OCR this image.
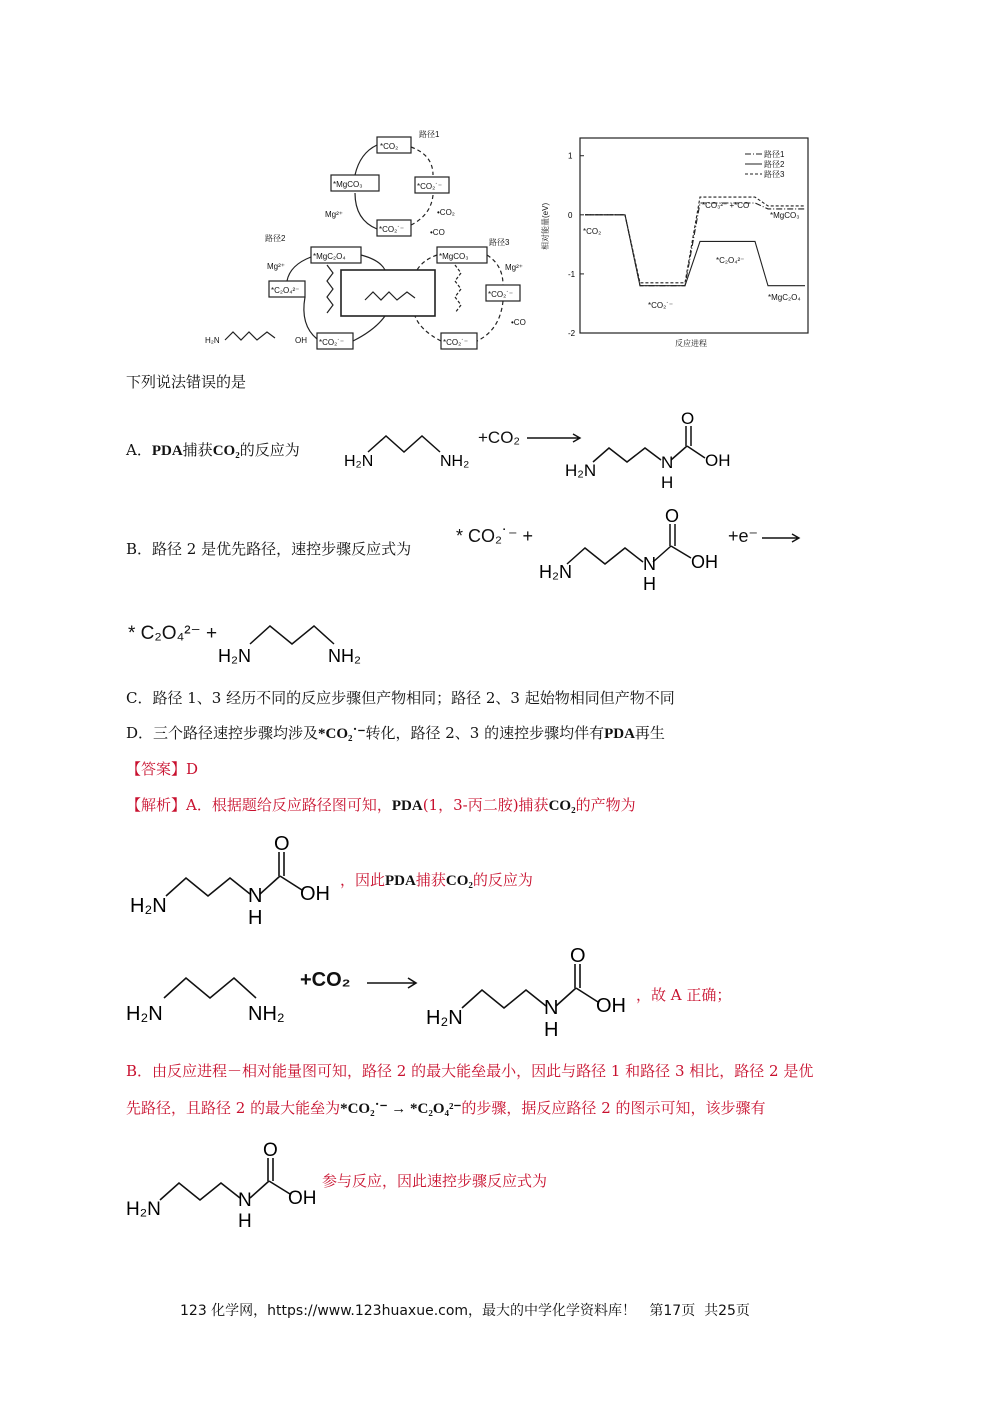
路径1
*CO₂
*MgCO₃	*CO₂˙⁻
*CO₂˙⁻
路径2
*MgC₂O₄
*C₂O₄²⁻
*CO₂˙⁻
路径3
*MgCO₃
*CO₂˙⁻
*CO₂˙⁻
Mg²⁺
Mg²⁺
Mg²⁺
•CO₂
•CO
•CO
H₂N	OH
1
0
-1
-2
相对能量(eV)
反应进程
*CO₂
*CO₂˙⁻
*C₂O₄²⁻
*MgCO₃
*MgC₂O₄
*CO₃²⁻ +*CO
路径1
路径2
路径3
下列说法错误的是
A．PDA捕获CO₂的反应为
H₂N	NH₂
+CO₂
H₂N	N
H
O
OH
B．路径 2 是优先路径，速控步骤反应式为
* CO₂˙⁻ +
H₂N	N
H
O
OH
+e⁻
* C₂O₄²⁻ +
H₂N	NH₂
C．路径 1、3 经历不同的反应步骤但产物相同；路径 2、3 起始物相同但产物不同
D．三个路径速控步骤均涉及*CO₂˙⁻转化，路径 2、3 的速控步骤均伴有PDA再生
【答案】D
【解析】A．根据题给反应路径图可知，PDA(1，3-丙二胺)捕获CO₂的产物为
H₂N	N
H
O
OH
，因此PDA捕获CO₂的反应为
H₂N	NH₂
+CO₂
H₂N	N
H
O
OH ，故 A 正确；
B．由反应进程－相对能量图可知，路径 2 的最大能垒最小，因此与路径 1 和路径 3 相比，路径 2 是优
先路径，且路径 2 的最大能垒为*CO₂˙⁻ → *C₂O₄²⁻的步骤，据反应路径 2 的图示可知，该步骤有
H₂N	N
H
O
OH
参与反应，因此速控步骤反应式为
123 化学网，https://www.123huaxue.com，最大的中学化学资料库！   第17页  共25页
